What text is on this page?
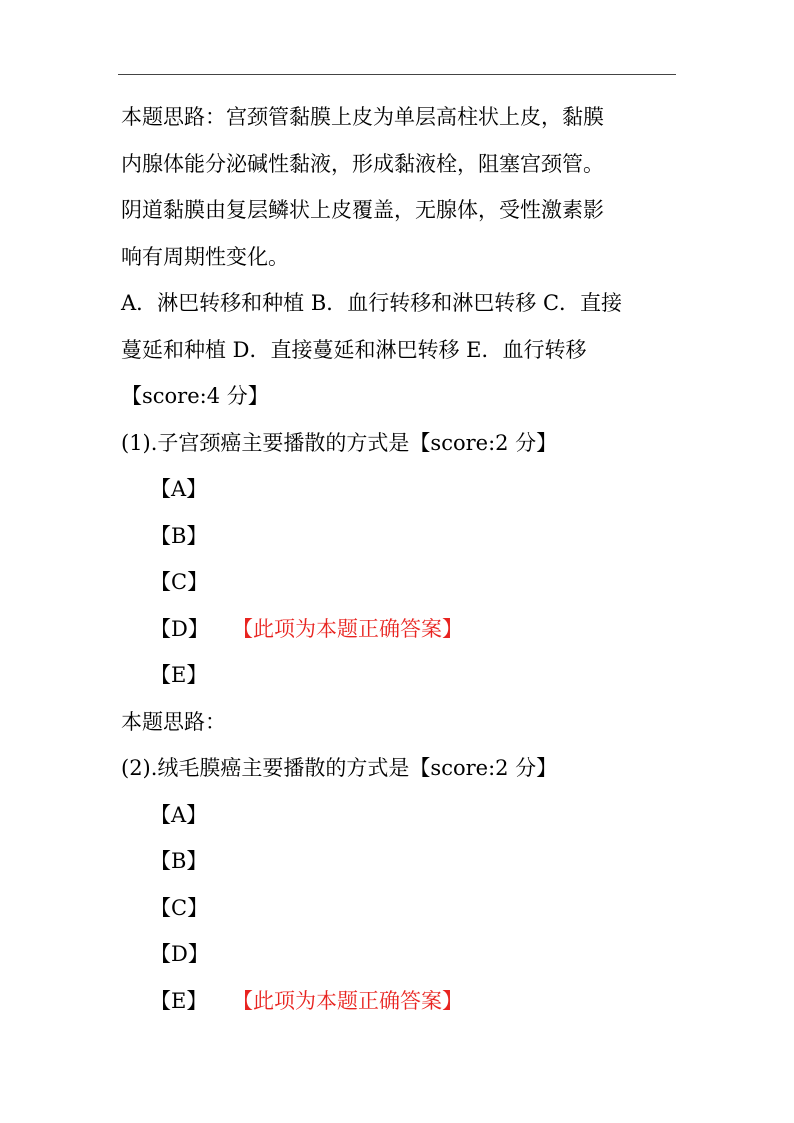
本题思路：宫颈管黏膜上皮为单层高柱状上皮，黏膜
内腺体能分泌碱性黏液，形成黏液栓，阻塞宫颈管。
阴道黏膜由复层鳞状上皮覆盖，无腺体，受性激素影
响有周期性变化。
A．淋巴转移和种植 B．血行转移和淋巴转移 C．直接
蔓延和种植 D．直接蔓延和淋巴转移 E．血行转移
【score:4 分】
(1).子宫颈癌主要播散的方式是【score:2 分】
【A】
【B】
【C】
【D】 【此项为本题正确答案】
【E】
本题思路：
(2).绒毛膜癌主要播散的方式是【score:2 分】
【A】
【B】
【C】
【D】
【E】 【此项为本题正确答案】
